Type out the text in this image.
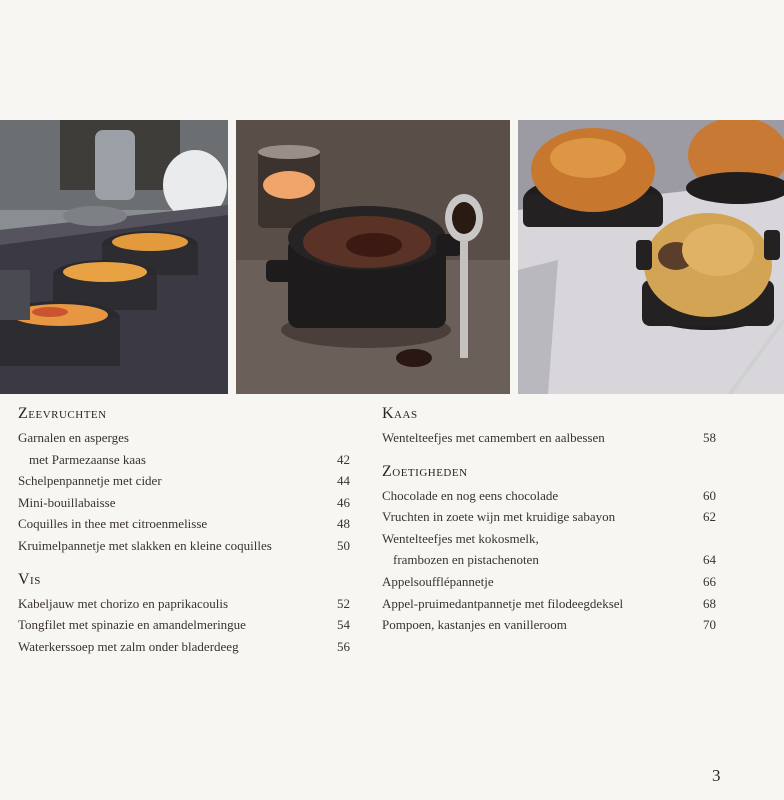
Zeevruchten
Garnalen en asperges
met Parmezaanse kaas	42
Schelpenpannetje met cider	44
Mini-bouillabaisse	46
Coquilles in thee met citroenmelisse	48
Kruimelpannetje met slakken en kleine coquilles	50
Vis
Kabeljauw met chorizo en paprikacoulis	52
Tongfilet met spinazie en amandelmeringue	54
Waterkerssoep met zalm onder bladerdeeg	56
Kaas
Wentelteefjes met camembert en aalbessen	58
Zoetigheden
Chocolade en nog eens chocolade	60
Vruchten in zoete wijn met kruidige sabayon	62
Wentelteefjes met kokosmelk,
frambozen en pistachenoten	64
Appelsoufflépannetje	66
Appel-pruimedantpannetje met filodeegdeksel	68
Pompoen, kastanjes en vanilleroom	70
3
